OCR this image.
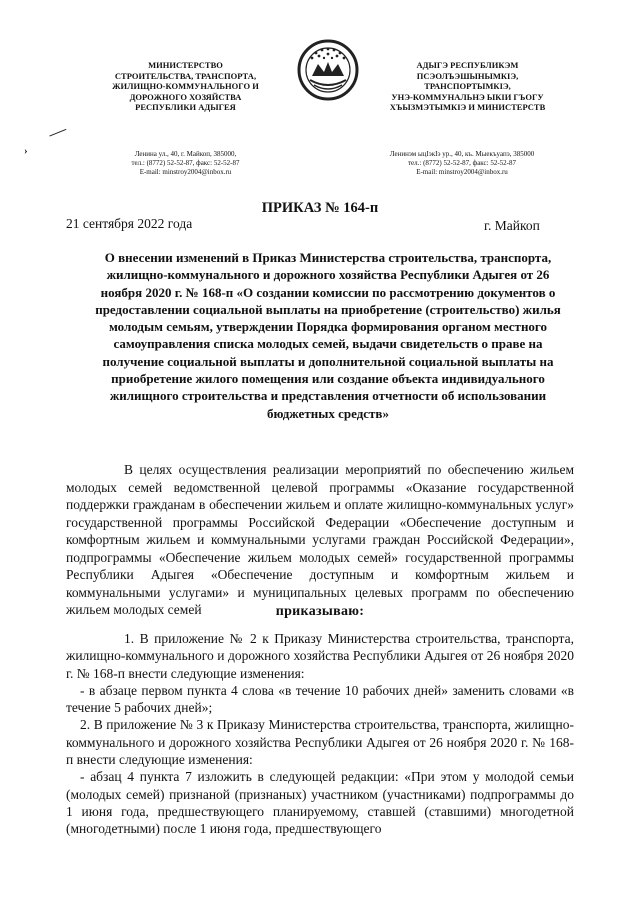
МИНИСТЕРСТВО
СТРОИТЕЛЬСТВА, ТРАНСПОРТА,
ЖИЛИЩНО-КОММУНАЛЬНОГО И
ДОРОЖНОГО ХОЗЯЙСТВА
РЕСПУБЛИКИ АДЫГЕЯ
АДЫГЭ РЕСПУБЛИКЭМ
ПСЭОЛЪЭШЫНЫМКIЭ,
ТРАНСПОРТЫМКIЭ,
УНЭ-КОММУНАЛЬНЭ ЫКIИ ГЪОГУ
ХЪЫЗМЭТЫМКIЭ И МИНИСТЕРСТВ
›	Ленина ул., 40, г. Майкоп, 385000,
тел.: (8772) 52-52-87, факс: 52-52-87
E-mail: minstroy2004@inbox.ru
Ленинэм ыцIэкIэ ур., 40, къ. Мыекъуапэ, 385000
тел.: (8772) 52-52-87, факс: 52-52-87
E-mail: minstroy2004@inbox.ru
ПРИКАЗ № 164-п
21 сентября 2022 года	г. Майкоп
О внесении изменений в Приказ Министерства строительства, транспорта, жилищно-коммунального и дорожного хозяйства Республики Адыгея от 26 ноября 2020 г. № 168-п «О создании комиссии по рассмотрению документов о предоставлении социальной выплаты на приобретение (строительство) жилья молодым семьям, утверждении Порядка формирования органом местного самоуправления списка молодых семей, выдачи свидетельств о праве на получение социальной выплаты и дополнительной социальной выплаты на приобретение жилого помещения или создание объекта индивидуального жилищного строительства и представления отчетности об использовании бюджетных средств»
В целях осуществления реализации мероприятий по обеспечению жильем молодых семей ведомственной целевой программы «Оказание государственной поддержки гражданам в обеспечении жильем и оплате жилищно-коммунальных услуг» государственной программы Российской Федерации «Обеспечение доступным и комфортным жильем и коммунальными услугами граждан Российской Федерации», подпрограммы «Обеспечение жильем молодых семей» государственной программы Республики Адыгея «Обеспечение доступным и комфортным жильем и коммунальными услугами» и муниципальных целевых программ по обеспечению жильем молодых семей	приказываю:

1. В приложение № 2 к Приказу Министерства строительства, транспорта, жилищно-коммунального и дорожного хозяйства Республики Адыгея от 26 ноября 2020 г. № 168-п внести следующие изменения:

- в абзаце первом пункта 4 слова «в течение 10 рабочих дней» заменить словами «в течение 5 рабочих дней»;

2. В приложение № 3 к Приказу Министерства строительства, транспорта, жилищно-коммунального и дорожного хозяйства Республики Адыгея от 26 ноября 2020 г. № 168-п внести следующие изменения:

- абзац 4 пункта 7 изложить в следующей редакции: «При этом у молодой семьи (молодых семей) признаной (признаных) участником (участниками) подпрограммы до 1 июня года, предшествующего планируемому, ставшей (ставшими) многодетной (многодетными) после 1 июня года, предшествующего
